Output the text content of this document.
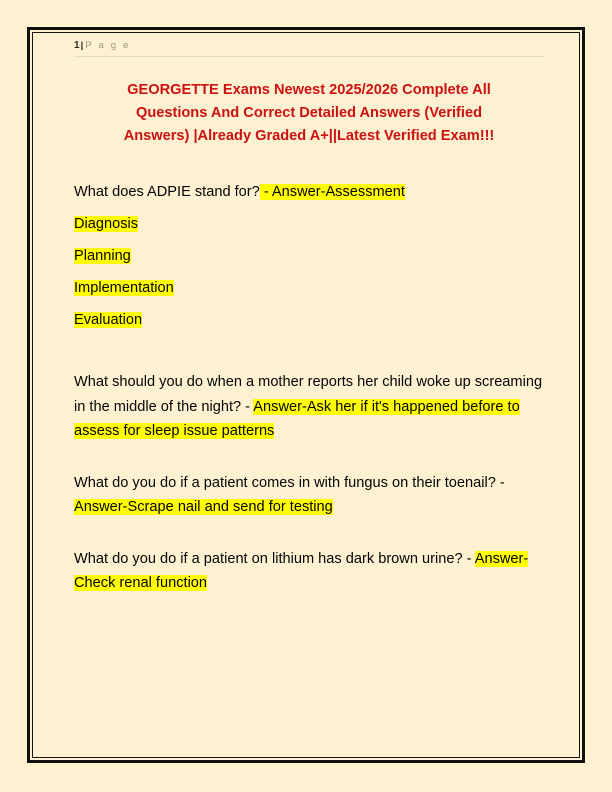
1| P a g e
GEORGETTE Exams Newest 2025/2026 Complete All
Questions And Correct Detailed Answers (Verified
Answers) |Already Graded A+||Latest Verified Exam!!!
What does ADPIE stand for? - Answer-Assessment
Diagnosis
Planning
Implementation
Evaluation
What should you do when a mother reports her child woke up screaming in the middle of the night? - Answer-Ask her if it's happened before to assess for sleep issue patterns
What do you do if a patient comes in with fungus on their toenail? - Answer-Scrape nail and send for testing
What do you do if a patient on lithium has dark brown urine? - Answer-Check renal function
